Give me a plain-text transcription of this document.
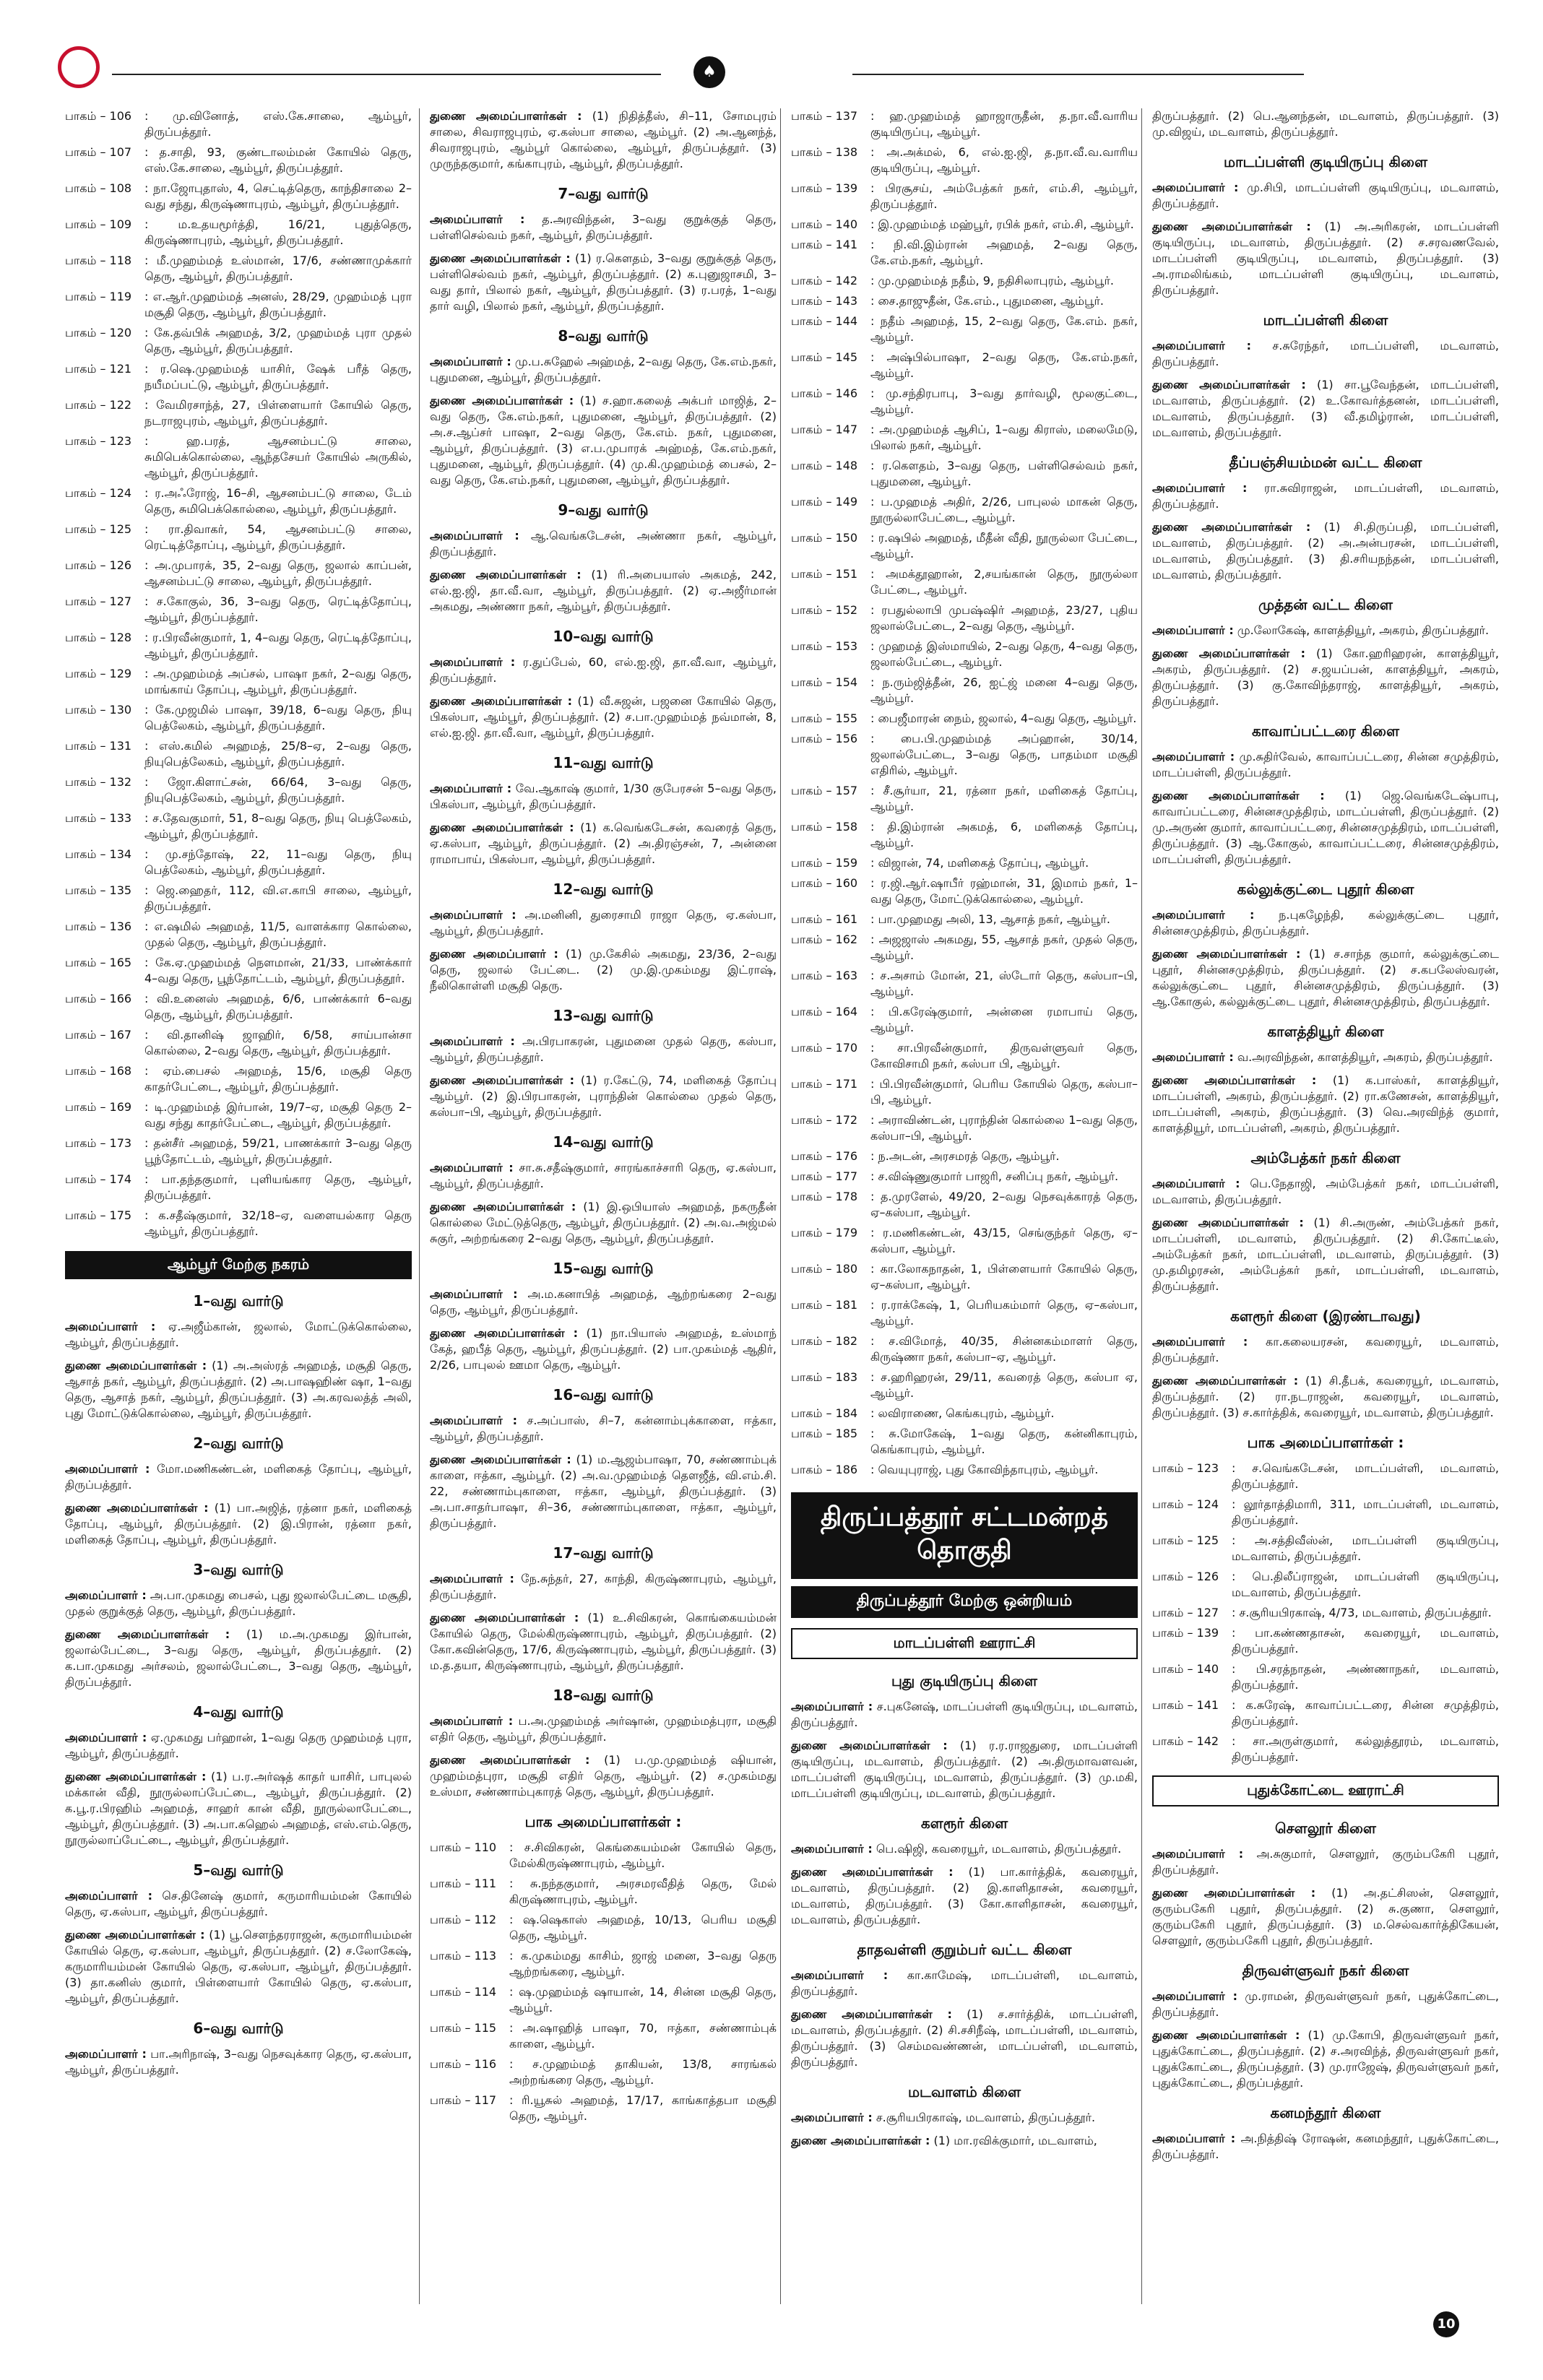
♠
பாகம் – 106	: மு.வினோத், எஸ்.கே.சாலை, ஆம்பூர், திருப்பத்தூர்.
பாகம் – 107	: த.சாதி, 93, குண்டாலம்மன் கோயில் தெரு, எஸ்.கே.சாலை, ஆம்பூர், திருப்பத்தூர்.
பாகம் – 108	: நா.ஜோபுதாஸ், 4, செட்டித்தெரு, காந்திசாலை 2–வது சந்து, கிருஷ்ணாபுரம், ஆம்பூர், திருப்பத்தூர்.
பாகம் – 109	: ம.உதயமூர்த்தி, 16/21, புதுத்தெரு, கிருஷ்ணாபுரம், ஆம்பூர், திருப்பத்தூர்.
பாகம் – 118	: மீ.முஹம்மத் உஸ்மான், 17/6, சண்ணாமுக்கார் தெரு, ஆம்பூர், திருப்பத்தூர்.
பாகம் – 119	: எ.ஆர்.முஹம்மத் அனஸ், 28/29, முஹம்மத் புரா மசூதி தெரு, ஆம்பூர், திருப்பத்தூர்.
பாகம் – 120	: கே.தவ்பிக் அஹமத், 3/2, முஹம்மத் புரா முதல் தெரு, ஆம்பூர், திருப்பத்தூர்.
பாகம் – 121	: ர.ஷெ.முஹம்மத் யாசிர், ஷேக் பரீத் தெரு, நயீமப்பட்டு, ஆம்பூர், திருப்பத்தூர்.
பாகம் – 122	: வேமிரசாந்த், 27, பிள்ளையார் கோயில் தெரு, நடராஜபுரம், ஆம்பூர், திருப்பத்தூர்.
பாகம் – 123	: ஹ.பரத், ஆசனம்பட்டு சாலை, சுமிபெக்கொல்லை, ஆந்தசேயர் கோயில் அருகில், ஆம்பூர், திருப்பத்தூர்.
பாகம் – 124	: ர.அஃரோஜ், 16–சி, ஆசனம்பட்டு சாலை, டேம் தெரு, சுமிபெக்கொல்லை, ஆம்பூர், திருப்பத்தூர்.
பாகம் – 125	: ரா.திவாகர், 54, ஆசனம்பட்டு சாலை, ரெட்டித்தோப்பு, ஆம்பூர், திருப்பத்தூர்.
பாகம் – 126	: அ.முபாரக், 35, 2–வது தெரு, ஜலால் காப்பன், ஆசனம்பட்டு சாலை, ஆம்பூர், திருப்பத்தூர்.
பாகம் – 127	: ச.கோகுல், 36, 3–வது தெரு, ரெட்டித்தோப்பு, ஆம்பூர், திருப்பத்தூர்.
பாகம் – 128	: ர.பிரவீன்குமார், 1, 4–வது தெரு, ரெட்டித்தோப்பு, ஆம்பூர், திருப்பத்தூர்.
பாகம் – 129	: அ.முஹம்மத் அப்சல், பாஷா நகர், 2–வது தெரு, மாங்காய் தோப்பு, ஆம்பூர், திருப்பத்தூர்.
பாகம் – 130	: கே.முஜமில் பாஷா, 39/18, 6–வது தெரு, நியு பெத்லேகம், ஆம்பூர், திருப்பத்தூர்.
பாகம் – 131	: எஸ்.கமில் அஹமத், 25/8–ஏ, 2–வது தெரு, நியுபெத்லேகம், ஆம்பூர், திருப்பத்தூர்.
பாகம் – 132	: ஜோ.கிளாட்சன், 66/64, 3–வது தெரு, நியுபெத்லேகம், ஆம்பூர், திருப்பத்தூர்.
பாகம் – 133	: ச.தேவகுமார், 51, 8–வது தெரு, நியு பெத்லேகம், ஆம்பூர், திருப்பத்தூர்.
பாகம் – 134	: மு.சந்தோஷ், 22, 11–வது தெரு, நியு பெத்லேகம், ஆம்பூர், திருப்பத்தூர்.
பாகம் – 135	: ஜெ.ஹைதர், 112, வி.எ.காபி சாலை, ஆம்பூர், திருப்பத்தூர்.
பாகம் – 136	: எ.ஷமில் அஹமத், 11/5, வாளக்கார கொல்லை, முதல் தெரு, ஆம்பூர், திருப்பத்தூர்.
பாகம் – 165	: கே.ஏ.முஹம்மத் நௌமான், 21/33, பாண்க்கார் 4–வது தெரு, பூந்தோட்டம், ஆம்பூர், திருப்பத்தூர்.
பாகம் – 166	: வி.உனைஸ் அஹமத், 6/6, பாண்க்கார் 6–வது தெரு, ஆம்பூர், திருப்பத்தூர்.
பாகம் – 167	: வி.தானிஷ் ஜாஹிர், 6/58, சாய்பான்சா கொல்லை, 2–வது தெரு, ஆம்பூர், திருப்பத்தூர்.
பாகம் – 168	: ஏம்.பைசல் அஹமத், 15/6, மசூதி தெரு காதர்பேட்டை, ஆம்பூர், திருப்பத்தூர்.
பாகம் – 169	: டி.முஹம்மத் இர்பான், 19/7–ஏ, மசூதி தெரு 2–வது சந்து காதர்பேட்டை, ஆம்பூர், திருப்பத்தூர்.
பாகம் – 173	: தன்சீர் அஹமத், 59/21, பாணக்கார் 3–வது தெரு பூந்தோட்டம், ஆம்பூர், திருப்பத்தூர்.
பாகம் – 174	: பா.தந்தகுமார், புளியங்கார தெரு, ஆம்பூர், திருப்பத்தூர்.
பாகம் – 175	: க.சதீஷ்குமார், 32/18–ஏ, வளையல்கார தெரு ஆம்பூர், திருப்பத்தூர்.
ஆம்பூர் மேற்கு நகரம்
1–வது வார்டு
அமைப்பாளர் : ஏ.அஜீம்கான், ஜலால், மோட்டுக்கொல்லை, ஆம்பூர், திருப்பத்தூர்.
துணை அமைப்பாளர்கள் : (1) அ.அஸ்ரத் அஹமத், மசூதி தெரு, ஆசாத் நகர், ஆம்பூர், திருப்பத்தூர். (2) அ.பாஷஹிண் ஷா, 1–வது தெரு, ஆசாத் நகர், ஆம்பூர், திருப்பத்தூர். (3) அ.கரவலத்த் அலி, புது மோட்டுக்கொல்லை, ஆம்பூர், திருப்பத்தூர்.
2–வது வார்டு
அமைப்பாளர் : மோ.மணிகண்டன், மளிகைத் தோப்பு, ஆம்பூர், திருப்பத்தூர்.
துணை அமைப்பாளர்கள் : (1) பா.அஜித், ரத்னா நகர், மளிகைத் தோப்பு, ஆம்பூர், திருப்பத்தூர். (2) இ.பிரான், ரத்னா நகர், மளிகைத் தோப்பு, ஆம்பூர், திருப்பத்தூர்.
3–வது வார்டு
அமைப்பாளர் : அ.பா.முகமது பைசல், புது ஜலால்பேட்டை மசூதி, முதல் குறுக்குத் தெரு, ஆம்பூர், திருப்பத்தூர்.
துணை அமைப்பாளர்கள் : (1) ம.அ.முகமது இர்பான், ஜலால்பேட்டை, 3–வது தெரு, ஆம்பூர், திருப்பத்தூர். (2) க.பா.முகமது அர்சலம், ஜலால்பேட்டை, 3–வது தெரு, ஆம்பூர், திருப்பத்தூர்.
4–வது வார்டு
அமைப்பாளர் : ஏ.முகமது பர்ஹான், 1–வது தெரு முஹம்மத் புரா, ஆம்பூர், திருப்பத்தூர்.
துணை அமைப்பாளர்கள் : (1) ப.ர.அர்ஷத் காதர் யாசிர், பாபுலல் மக்கான் வீதி, நூருல்லாப்பேட்டை, ஆம்பூர், திருப்பத்தூர். (2) க.பூ.ர.பிரஹிம் அஹமத், சாஹர் கான் வீதி, நூருல்லாபேட்டை, ஆம்பூர், திருப்பத்தூர். (3) அ.பா.கஹெல் அஹமத், எஸ்.எம்.தெரு, நூருல்லாப்பேட்டை, ஆம்பூர், திருப்பத்தூர்.
5–வது வார்டு
அமைப்பாளர் : செ.தினேஷ் குமார், கருமாரியம்மன் கோயில் தெரு, ஏ.கஸ்பா, ஆம்பூர், திருப்பத்தூர்.
துணை அமைப்பாளர்கள் : (1) பூ.செளந்தரராஜன், கருமாரியம்மன் கோயில் தெரு, ஏ.கஸ்பா, ஆம்பூர், திருப்பத்தூர். (2) ச.லோகேஷ், கருமாரியம்மன் கோயில் தெரு, ஏ.கஸ்பா, ஆம்பூர், திருப்பத்தூர். (3) தா.கனிஸ் குமார், பிள்ளையார் கோயில் தெரு, ஏ.கஸ்பா, ஆம்பூர், திருப்பத்தூர்.
6–வது வார்டு
அமைப்பாளர் : பா.அரிநாஷ், 3–வது நெசவுக்கார தெரு, ஏ.கஸ்பா, ஆம்பூர், திருப்பத்தூர்.
துணை அமைப்பாளர்கள் : (1) நிதித்தீஸ், சி–11, சோமபுரம் சாலை, சிவராஜபுரம், ஏ.கஸ்பா சாலை, ஆம்பூர். (2) அ.ஆனந்த், சிவராஜபுரம், ஆம்பூர் கொல்லை, ஆம்பூர், திருப்பத்தூர். (3) முருந்தகுமார், கங்காபுரம், ஆம்பூர், திருப்பத்தூர்.
7–வது வார்டு
அமைப்பாளர் : த.அரவிந்தன், 3–வது குறுக்குத் தெரு, பள்ளிசெல்வம் நகர், ஆம்பூர், திருப்பத்தூர்.
துணை அமைப்பாளர்கள் : (1) ர.கௌதம், 3–வது குறுக்குத் தெரு, பள்ளிசெல்வம் நகர், ஆம்பூர், திருப்பத்தூர். (2) க.புனுஜாசமி, 3–வது தார், பிலால் நகர், ஆம்பூர், திருப்பத்தூர். (3) ர.பரத், 1–வது தார் வழி, பிலால் நகர், ஆம்பூர், திருப்பத்தூர்.
8–வது வார்டு
அமைப்பாளர் : மு.ப.சுஹேல் அஹ்மத், 2–வது தெரு, கே.எம்.நகர், புதுமனை, ஆம்பூர், திருப்பத்தூர்.
துணை அமைப்பாளர்கள் : (1) ச.ஹா.கலைத் அக்பர் மாஜித், 2–வது தெரு, கே.எம்.நகர், புதுமனை, ஆம்பூர், திருப்பத்தூர். (2) அ.ச.ஆப்சர் பாஷா, 2–வது தெரு, கே.எம். நகர், புதுமனை, ஆம்பூர், திருப்பத்தூர். (3) எ.ப.முபாரக் அஹ்மத், கே.எம்.நகர், புதுமனை, ஆம்பூர், திருப்பத்தூர். (4) மு.கி.முஹம்மத் பைசல், 2–வது தெரு, கே.எம்.நகர், புதுமனை, ஆம்பூர், திருப்பத்தூர்.
9–வது வார்டு
அமைப்பாளர் : ஆ.வெங்கடேசன், அண்ணா நகர், ஆம்பூர், திருப்பத்தூர்.
துணை அமைப்பாளர்கள் : (1) ரி.அபையாஸ் அகமத், 242, எல்.ஐ.ஜி, தா.வீ.வா, ஆம்பூர், திருப்பத்தூர். (2) ஏ.அஜீர்மான் அகமது, அண்ணா நகர், ஆம்பூர், திருப்பத்தூர்.
10–வது வார்டு
அமைப்பாளர் : ர.துப்பேல், 60, எல்.ஐ.ஜி, தா.வீ.வா, ஆம்பூர், திருப்பத்தூர்.
துணை அமைப்பாளர்கள் : (1) வீ.சுஜன், பஜனை கோயில் தெரு, பிகஸ்பா, ஆம்பூர், திருப்பத்தூர். (2) ச.பா.முஹம்மத் நவ்மான், 8, எல்.ஐ.ஜி. தா.வீ.வா, ஆம்பூர், திருப்பத்தூர்.
11–வது வார்டு
அமைப்பாளர் : வே.ஆகாஷ் குமார், 1/30 குபேரசன் 5–வது தெரு, பிகஸ்பா, ஆம்பூர், திருப்பத்தூர்.
துணை அமைப்பாளர்கள் : (1) க.வெங்கடேசன், கவரைத் தெரு, ஏ.கஸ்பா, ஆம்பூர், திருப்பத்தூர். (2) அ.திரஞ்சன், 7, அன்னை ராமாபாய், பிகஸ்பா, ஆம்பூர், திருப்பத்தூர்.
12–வது வார்டு
அமைப்பாளர் : அ.மனினி, துரைசாமி ராஜா தெரு, ஏ.கஸ்பா, ஆம்பூர், திருப்பத்தூர்.
துணை அமைப்பாளர் : (1) மு.கேசில் அகமது, 23/36, 2–வது தெரு, ஜலால் பேட்டை. (2) மு.இ.முகம்மது இட்ராஷ், நீலிகொள்ளி மசூதி தெரு.
13–வது வார்டு
அமைப்பாளர் : அ.பிரபாகரன், புதுமனை முதல் தெரு, கஸ்பா, ஆம்பூர், திருப்பத்தூர்.
துணை அமைப்பாளர்கள் : (1) ர.கேட்டு, 74, மளிகைத் தோப்பு ஆம்பூர். (2) இ.பிரபாகரன், புராந்தின் கொல்லை முதல் தெரு, கஸ்பா–பி, ஆம்பூர், திருப்பத்தூர்.
14–வது வார்டு
அமைப்பாளர் : சா.சு.சதீஷ்குமார், சாரங்காச்சாரி தெரு, ஏ.கஸ்பா, ஆம்பூர், திருப்பத்தூர்.
துணை அமைப்பாளர்கள் : (1) இ.ஒபியாஸ் அஹமத், நகருதீன் கொல்லை மேட்டுத்தெரு, ஆம்பூர், திருப்பத்தூர். (2) அ.வ.அஜ்மல் சுகுர், அற்றங்கரை 2–வது தெரு, ஆம்பூர், திருப்பத்தூர்.
15–வது வார்டு
அமைப்பாளர் : அ.ம.கனாபித் அஹமத், ஆற்றங்கரை 2–வது தெரு, ஆம்பூர், திருப்பத்தூர்.
துணை அமைப்பாளர்கள் : (1) நா.பியாஸ் அஹமத், உஸ்மாந் கேத், ஹபீத் தெரு, ஆம்பூர், திருப்பத்தூர். (2) பா.முகம்மத் ஆதிர், 2/26, பாபுலல் ஊமா தெரு, ஆம்பூர்.
16–வது வார்டு
அமைப்பாளர் : ச.அப்பாஸ், சி–7, கன்னாம்புக்காளை, ஈத்கா, ஆம்பூர், திருப்பத்தூர்.
துணை அமைப்பாளர்கள் : (1) ம.ஆஜம்பாஷா, 70, சண்ணாம்புக் காளை, ஈத்கா, ஆம்பூர். (2) அ.வ.முஹம்மத் தௌஜீத், வி.எம்.சி. 22, சண்ணாம்புகாளை, ஈத்கா, ஆம்பூர், திருப்பத்தூர். (3) அ.பா.சாதர்பாஷா, சி–36, சண்ணாம்புகாளை, ஈத்கா, ஆம்பூர், திருப்பத்தூர்.
17–வது வார்டு
அமைப்பாளர் : நே.சுந்தர், 27, காந்தி, கிருஷ்ணாபுரம், ஆம்பூர், திருப்பத்தூர்.
துணை அமைப்பாளர்கள் : (1) உ.சிவிகரன், கொங்கையம்மன் கோயில் தெரு, மேல்கிருஷ்ணாபுரம், ஆம்பூர், திருப்பத்தூர். (2) கோ.கவின்தெரு, 17/6, கிருஷ்ணாபுரம், ஆம்பூர், திருப்பத்தூர். (3) ம.த.தயா, கிருஷ்ணாபுரம், ஆம்பூர், திருப்பத்தூர்.
18–வது வார்டு
அமைப்பாளர் : ப.அ.முஹம்மத் அர்ஷான், முஹம்மத்புரா, மசூதி எதிர் தெரு, ஆம்பூர், திருப்பத்தூர்.
துணை அமைப்பாளர்கள் : (1) ப.மு.முஹம்மத் ஷியான், முஹம்மத்புரா, மசூதி எதிர் தெரு, ஆம்பூர். (2) ச.முகம்மது உஸ்மா, சண்ணாம்புகாரத் தெரு, ஆம்பூர், திருப்பத்தூர்.
பாக அமைப்பாளர்கள் :
பாகம் – 110	: ச.சிவிகரன், கெங்கையம்மன் கோயில் தெரு, மேல்கிருஷ்ணாபுரம், ஆம்பூர்.
பாகம் – 111	: சு.நந்தகுமார், அரசமரவீதித் தெரு, மேல் கிருஷ்ணாபுரம், ஆம்பூர்.
பாகம் – 112	: ஷ.ஷெகாஸ் அஹமத், 10/13, பெரிய மசூதி தெரு, ஆம்பூர்.
பாகம் – 113	: க.முகம்மது காசிம், ஜாஜ் மனை, 3–வது தெரு ஆற்றங்கரை, ஆம்பூர்.
பாகம் – 114	: ஷ.முஹம்மத் ஷாயான், 14, சின்ன மசூதி தெரு, ஆம்பூர்.
பாகம் – 115	: அ.ஷாஹித் பாஷா, 70, ஈத்கா, சண்ணாம்புக் காளை, ஆம்பூர்.
பாகம் – 116	: ச.முஹம்மத் தாகியன், 13/8, சாரங்கல் அற்றங்கரை தெரு, ஆம்பூர்.
பாகம் – 117	: ரி.யூசுல் அஹமத், 17/17, காங்காத்தபா மசூதி தெரு, ஆம்பூர்.
பாகம் – 137	: ஹ.முஹம்மத் ஹாஜாருதீன், த.நா.வீ.வாரிய குடியிருப்பு, ஆம்பூர்.
பாகம் – 138	: அ.அக்மல், 6, எல்.ஐ.ஜி, த.நா.வீ.வ.வாரிய குடியிருப்பு, ஆம்பூர்.
பாகம் – 139	: பிரசூசய், அம்பேத்கர் நகர், எம்.சி, ஆம்பூர், திருப்பத்தூர்.
பாகம் – 140	: இ.முஹம்மத் மஹ்பூர், ரபிக் நகர், எம்.சி, ஆம்பூர்.
பாகம் – 141	: நி.வி.இம்ரான் அஹமத், 2–வது தெரு, கே.எம்.நகர், ஆம்பூர்.
பாகம் – 142	: மு.முஹம்மத் நதீம், 9, நதிசிலாபுரம், ஆம்பூர்.
பாகம் – 143	: சை.தாஜுதீன், கே.எம்., புதுமனை, ஆம்பூர்.
பாகம் – 144	: நதீம் அஹமத், 15, 2–வது தெரு, கே.எம். நகர், ஆம்பூர்.
பாகம் – 145	: அஷ்பில்பாஷா, 2–வது தெரு, கே.எம்.நகர், ஆம்பூர்.
பாகம் – 146	: மு.சந்திரபாபு, 3–வது தார்வழி, மூலகுட்டை, ஆம்பூர்.
பாகம் – 147	: அ.முஹம்மத் ஆசிப், 1–வது கிராஸ், மலைமேடு, பிலால் நகர், ஆம்பூர்.
பாகம் – 148	: ர.கௌதம், 3–வது தெரு, பள்ளிசெல்வம் நகர், புதுமனை, ஆம்பூர்.
பாகம் – 149	: ப.முஹமத் அதிர், 2/26, பாபுலல் மாகன் தெரு, நூருல்லாபேட்டை, ஆம்பூர்.
பாகம் – 150	: ர.ஷபில் அஹமத், மீதீன் வீதி, நூருல்லா பேட்டை, ஆம்பூர்.
பாகம் – 151	: அமக்தூஹான், 2,சயங்கான் தெரு, நூருல்லா பேட்டை, ஆம்பூர்.
பாகம் – 152	: ரபதுல்லாபி முபஷ்ஷிர் அஹமத், 23/27, புதிய ஜலால்பேட்டை, 2–வது தெரு, ஆம்பூர்.
பாகம் – 153	: முஹமத் இஸ்மாயில், 2–வது தெரு, 4–வது தெரு, ஜலால்பேட்டை, ஆம்பூர்.
பாகம் – 154	: ந.ரும்ஜித்தீன், 26, ஐட்ஜ் மனை 4–வது தெரு, ஆம்பூர்.
பாகம் – 155	: பைஜீமாரன் நைம், ஜலால், 4–வது தெரு, ஆம்பூர்.
பாகம் – 156	: பை.பி.முஹம்மத் அப்ஹான், 30/14, ஜலால்பேட்டை, 3–வது தெரு, பாதம்மா மசூதி எதிரில், ஆம்பூர்.
பாகம் – 157	: சீ.சூர்யா, 21, ரத்னா நகர், மளிகைத் தோப்பு, ஆம்பூர்.
பாகம் – 158	: தி.இம்ரான் அகமத், 6, மளிகைத் தோப்பு, ஆம்பூர்.
பாகம் – 159	: விஜான், 74, மளிகைத் தோப்பு, ஆம்பூர்.
பாகம் – 160	: ர.ஜி.ஆர்.ஷாபீர் ரஹ்மான், 31, இமாம் நகர், 1–வது தெரு, மோட்டுக்கொல்லை, ஆம்பூர்.
பாகம் – 161	: பா.முஹமது அலி, 13, ஆசாத் நகர், ஆம்பூர்.
பாகம் – 162	: அஜஜாஸ் அகமது, 55, ஆசாத் நகர், முதல் தெரு, ஆம்பூர்.
பாகம் – 163	: ச.அசாம் மோன், 21, ஸ்டோர் தெரு, கஸ்பா–பி, ஆம்பூர்.
பாகம் – 164	: பி.கரேஷ்குமார், அன்னை ரமாபாய் தெரு, ஆம்பூர்.
பாகம் – 170	: சா.பிரவீன்குமார், திருவள்ளுவர் தெரு, கோவிசாமி நகர், கஸ்பா பி, ஆம்பூர்.
பாகம் – 171	: பி.பிரவீன்குமார், பெரிய கோயில் தெரு, கஸ்பா–பி, ஆம்பூர்.
பாகம் – 172	: அராவிண்டன், புராந்தின் கொல்லை 1–வது தெரு, கஸ்பா–பி, ஆம்பூர்.
பாகம் – 176	: ந.அடன், அரசமரத் தெரு, ஆம்பூர்.
பாகம் – 177	: ச.விஷ்ணுகுமார் பாஜரி, சனிப்பு நகர், ஆம்பூர்.
பாகம் – 178	: த.முரளேல், 49/20, 2–வது நெசவுக்காரத் தெரு, ஏ–கஸ்பா, ஆம்பூர்.
பாகம் – 179	: ர.மணிகண்டன், 43/15, செங்குந்தர் தெரு, ஏ–கஸ்பா, ஆம்பூர்.
பாகம் – 180	: கா.லோகநாதன், 1, பிள்ளையார் கோயில் தெரு, ஏ–கஸ்பா, ஆம்பூர்.
பாகம் – 181	: ர.ராக்கேஷ், 1, பெரியகம்மார் தெரு, ஏ–கஸ்பா, ஆம்பூர்.
பாகம் – 182	: ச.விமோத், 40/35, சின்னகம்மாளர் தெரு, கிருஷ்ணா நகர், கஸ்பா–ஏ, ஆம்பூர்.
பாகம் – 183	: ச.ஹரிஹரன், 29/11, கவரைத் தெரு, கஸ்பா ஏ, ஆம்பூர்.
பாகம் – 184	: லவிராணை, கெங்கபுரம், ஆம்பூர்.
பாகம் – 185	: சு.மோகேஷ், 1–வது தெரு, கன்னிகாபுரம், கெங்காபுரம், ஆம்பூர்.
பாகம் – 186	: வெயுபுராஜ், புது கோவிந்தாபுரம், ஆம்பூர்.
திருப்பத்தூர் சட்டமன்றத் தொகுதி
திருப்பத்தூர் மேற்கு ஒன்றியம்
மாடப்பள்ளி ஊராட்சி
புது குடியிருப்பு கிளை
அமைப்பாளர் : ச.புகனேஷ், மாடப்பள்ளி குடியிருப்பு, மடவாளம், திருப்பத்தூர்.
துணை அமைப்பாளர்கள் : (1) ர.ர.ராஜதுரை, மாடப்பள்ளி குடியிருப்பு, மடவாளம், திருப்பத்தூர். (2) அ.திருமாவளவன், மாடப்பள்ளி குடியிருப்பு, மடவாளம், திருப்பத்தூர். (3) மு.மகி, மாடப்பள்ளி குடியிருப்பு, மடவாளம், திருப்பத்தூர்.
களரூர் கிளை
அமைப்பாளர் : பெ.ஷிஜி, கவரையூர், மடவாளம், திருப்பத்தூர்.
துணை அமைப்பாளர்கள் : (1) பா.கார்த்திக், கவரையூர், மடவாளம், திருப்பத்தூர். (2) இ.காளிதாசன், கவரையூர், மடவாளம், திருப்பத்தூர். (3) கோ.காளிதாசன், கவரையூர், மடவாளம், திருப்பத்தூர்.
தாதவள்ளி குறும்பர் வட்ட கிளை
அமைப்பாளர் : கா.காமேஷ், மாடப்பள்ளி, மடவாளம், திருப்பத்தூர்.
துணை அமைப்பாளர்கள் : (1) ச.சார்த்திக், மாடப்பள்ளி, மடவாளம், திருப்பத்தூர். (2) சி.சசிநீஷ், மாடப்பள்ளி, மடவாளம், திருப்பத்தூர். (3) செம்மவண்ணன், மாடப்பள்ளி, மடவாளம், திருப்பத்தூர்.
மடவாளம் கிளை
அமைப்பாளர் : ச.சூரியபிரகாஷ், மடவாளம், திருப்பத்தூர்.
துணை அமைப்பாளர்கள் : (1) மா.ரவிக்குமார், மடவாளம்,
திருப்பத்தூர். (2) பெ.ஆனந்தன், மடவாளம், திருப்பத்தூர். (3) மு.விஜய், மடவாளம், திருப்பத்தூர்.
மாடப்பள்ளி குடியிருப்பு கிளை
அமைப்பாளர் : மு.சிபி, மாடப்பள்ளி குடியிருப்பு, மடவாளம், திருப்பத்தூர்.
துணை அமைப்பாளர்கள் : (1) அ.அரிகரன், மாடப்பள்ளி குடியிருப்பு, மடவாளம், திருப்பத்தூர். (2) ச.சரவணவேல், மாடப்பள்ளி குடியிருப்பு, மடவாளம், திருப்பத்தூர். (3) அ.ராமலிங்கம், மாடப்பள்ளி குடியிருப்பு, மடவாளம், திருப்பத்தூர்.
மாடப்பள்ளி கிளை
அமைப்பாளர் : ச.சுரேந்தர், மாடப்பள்ளி, மடவாளம், திருப்பத்தூர்.
துணை அமைப்பாளர்கள் : (1) சா.பூவேந்தன், மாடப்பள்ளி, மடவாளம், திருப்பத்தூர். (2) உ.கோவர்த்தனன், மாடப்பள்ளி, மடவாளம், திருப்பத்தூர். (3) வீ.தமிழ்ரான், மாடப்பள்ளி, மடவாளம், திருப்பத்தூர்.
தீப்பஞ்சியம்மன் வட்ட கிளை
அமைப்பாளர் : ரா.சுவிராஜன், மாடப்பள்ளி, மடவாளம், திருப்பத்தூர்.
துணை அமைப்பாளர்கள் : (1) சி.திருப்பதி, மாடப்பள்ளி, மடவாளம், திருப்பத்தூர். (2) அ.அன்பரசன், மாடப்பள்ளி, மடவாளம், திருப்பத்தூர். (3) தி.சரியநந்தன், மாடப்பள்ளி, மடவாளம், திருப்பத்தூர்.
முத்தன் வட்ட கிளை
அமைப்பாளர் : மு.லோகேஷ், காளத்தியூர், அகரம், திருப்பத்தூர்.
துணை அமைப்பாளர்கள் : (1) கோ.ஹரிஹரன், காளத்தியூர், அகரம், திருப்பத்தூர். (2) ச.ஜயப்பன், காளத்தியூர், அகரம், திருப்பத்தூர். (3) கு.கோவிந்தராஜ், காளத்தியூர், அகரம், திருப்பத்தூர்.
காவாப்பட்டரை கிளை
அமைப்பாளர் : மு.சுதிர்வேல், காவாப்பட்டரை, சின்ன சமுத்திரம், மாடப்பள்ளி, திருப்பத்தூர்.
துணை அமைப்பாளர்கள் : (1) ஜெ.வெங்கடேஷ்பாபு, காவாப்பட்டரை, சின்னசமுத்திரம், மாடப்பள்ளி, திருப்பத்தூர். (2) மு.அருண் குமார், காவாப்பட்டரை, சின்னசமுத்திரம், மாடப்பள்ளி, திருப்பத்தூர். (3) ஆ.கோகுல், காவாப்பட்டரை, சின்னசமுத்திரம், மாடப்பள்ளி, திருப்பத்தூர்.
கல்லுக்குட்டை புதூர் கிளை
அமைப்பாளர் : ந.புகழேந்தி, கல்லுக்குட்டை புதூர், சின்னசமுத்திரம், திருப்பத்தூர்.
துணை அமைப்பாளர்கள் : (1) ச.சாந்த குமார், கல்லுக்குட்டை புதூர், சின்னசமுத்திரம், திருப்பத்தூர். (2) ச.கபலேஸ்வரன், கல்லுக்குட்டை புதூர், சின்னசமுத்திரம், திருப்பத்தூர். (3) ஆ.கோகுல், கல்லுக்குட்டை புதூர், சின்னசமுத்திரம், திருப்பத்தூர்.
காளத்தியூர் கிளை
அமைப்பாளர் : வ.அரவிந்தன், காளத்தியூர், அகரம், திருப்பத்தூர்.
துணை அமைப்பாளர்கள் : (1) க.பாஸ்கர், காளத்தியூர், மாடப்பள்ளி, அகரம், திருப்பத்தூர். (2) ரா.கணேசன், காளத்தியூர், மாடப்பள்ளி, அகரம், திருப்பத்தூர். (3) வெ.அரவிந்த் குமார், காளத்தியூர், மாடப்பள்ளி, அகரம், திருப்பத்தூர்.
அம்பேத்கர் நகர் கிளை
அமைப்பாளர் : பெ.நேதாஜி, அம்பேத்கர் நகர், மாடப்பள்ளி, மடவாளம், திருப்பத்தூர்.
துணை அமைப்பாளர்கள் : (1) சி.அருண், அம்பேத்கர் நகர், மாடப்பள்ளி, மடவாளம், திருப்பத்தூர். (2) சி.கோட்டீஸ், அம்பேத்கர் நகர், மாடப்பள்ளி, மடவாளம், திருப்பத்தூர். (3) மு.தமிழரசன், அம்பேத்கர் நகர், மாடப்பள்ளி, மடவாளம், திருப்பத்தூர்.
களரூர் கிளை (இரண்டாவது)
அமைப்பாளர் : கா.கலையரசன், கவரையூர், மடவாளம், திருப்பத்தூர்.
துணை அமைப்பாளர்கள் : (1) சி.தீபக், கவரையூர், மடவாளம், திருப்பத்தூர். (2) ரா.நடராஜன், கவரையூர், மடவாளம், திருப்பத்தூர். (3) ச.கார்த்திக், கவரையூர், மடவாளம், திருப்பத்தூர்.
பாக அமைப்பாளர்கள் :
பாகம் – 123	: ச.வெங்கடேசன், மாடப்பள்ளி, மடவாளம், திருப்பத்தூர்.
பாகம் – 124	: லூர்தாத்திமாரி, 311, மாடப்பள்ளி, மடவாளம், திருப்பத்தூர்.
பாகம் – 125	: அ.சத்திவீஸ்ன், மாடப்பள்ளி குடியிருப்பு, மடவாளம், திருப்பத்தூர்.
பாகம் – 126	: பெ.திலீப்ராஜன், மாடப்பள்ளி குடியிருப்பு, மடவாளம், திருப்பத்தூர்.
பாகம் – 127	: ச.சூரியபிரகாஷ், 4/73, மடவாளம், திருப்பத்தூர்.
பாகம் – 139	: பா.கண்ணதாசன், கவரையூர், மடவாளம், திருப்பத்தூர்.
பாகம் – 140	: பி.சரத்நாதன், அண்ணாநகர், மடவாளம், திருப்பத்தூர்.
பாகம் – 141	: க.சுரேஷ், காவாப்பட்டரை, சின்ன சமுத்திரம், திருப்பத்தூர்.
பாகம் – 142	: சா.அருள்குமார், கல்லுத்தூரம், மடவாளம், திருப்பத்தூர்.
புதுக்கோட்டை ஊராட்சி
சௌலூர் கிளை
அமைப்பாளர் : அ.சுகுமார், சௌலூர், குரும்பகேரி புதூர், திருப்பத்தூர்.
துணை அமைப்பாளர்கள் : (1) அ.தட்சிஸன், சௌலூர், குரும்பகேரி புதூர், திருப்பத்தூர். (2) சு.குணா, சௌலூர், குரும்பகேரி புதூர், திருப்பத்தூர். (3) ம.செல்வகார்த்திகேயன், சௌலூர், குரும்பகேரி புதூர், திருப்பத்தூர்.
திருவள்ளுவர் நகர் கிளை
அமைப்பாளர் : மு.ராமன், திருவள்ளுவர் நகர், புதுக்கோட்டை, திருப்பத்தூர்.
துணை அமைப்பாளர்கள் : (1) மு.கோபி, திருவள்ளுவர் நகர், புதுக்கோட்டை, திருப்பத்தூர். (2) ச.அரவிந்த், திருவள்ளுவர் நகர், புதுக்கோட்டை, திருப்பத்தூர். (3) மு.ராஜேஷ், திருவள்ளுவர் நகர், புதுக்கோட்டை, திருப்பத்தூர்.
கனமந்தூர் கிளை
அமைப்பாளர் : அ.நித்திஷ் ரோஷன், கனமந்தூர், புதுக்கோட்டை, திருப்பத்தூர்.
10
